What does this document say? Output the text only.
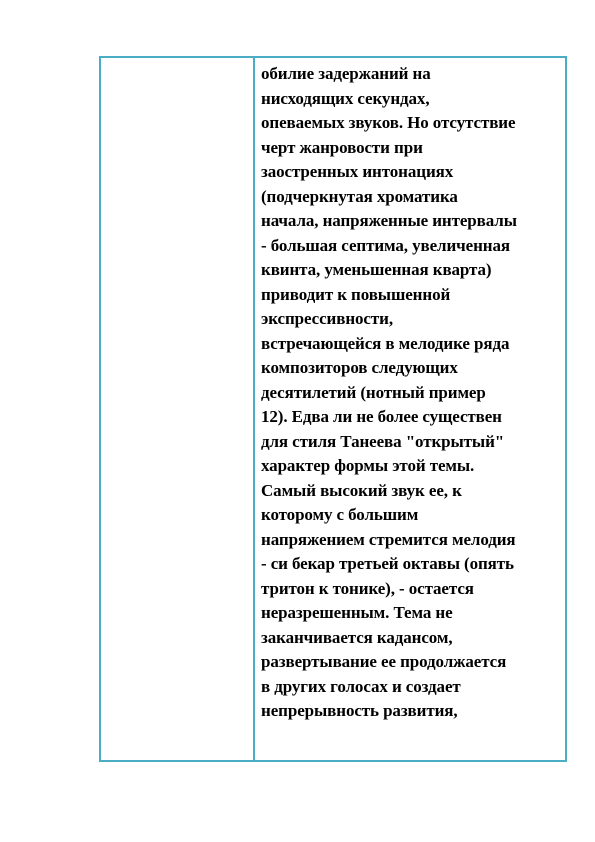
обилие задержаний на
нисходящих секундах,
опеваемых звуков. Но отсутствие
черт жанровости при
заостренных интонациях
(подчеркнутая хроматика
начала, напряженные интервалы
- большая септима, увеличенная
квинта, уменьшенная кварта)
приводит к повышенной
экспрессивности,
встречающейся в мелодике ряда
композиторов следующих
десятилетий (нотный пример
12). Едва ли не более существен
для стиля Танеева "открытый"
характер формы этой темы.
Самый высокий звук ее, к
которому с большим
напряжением стремится мелодия
- си бекар третьей октавы (опять
тритон к тонике), - остается
неразрешенным. Тема не
заканчивается кадансом,
развертывание ее продолжается
в других голосах и создает
непрерывность развития,
